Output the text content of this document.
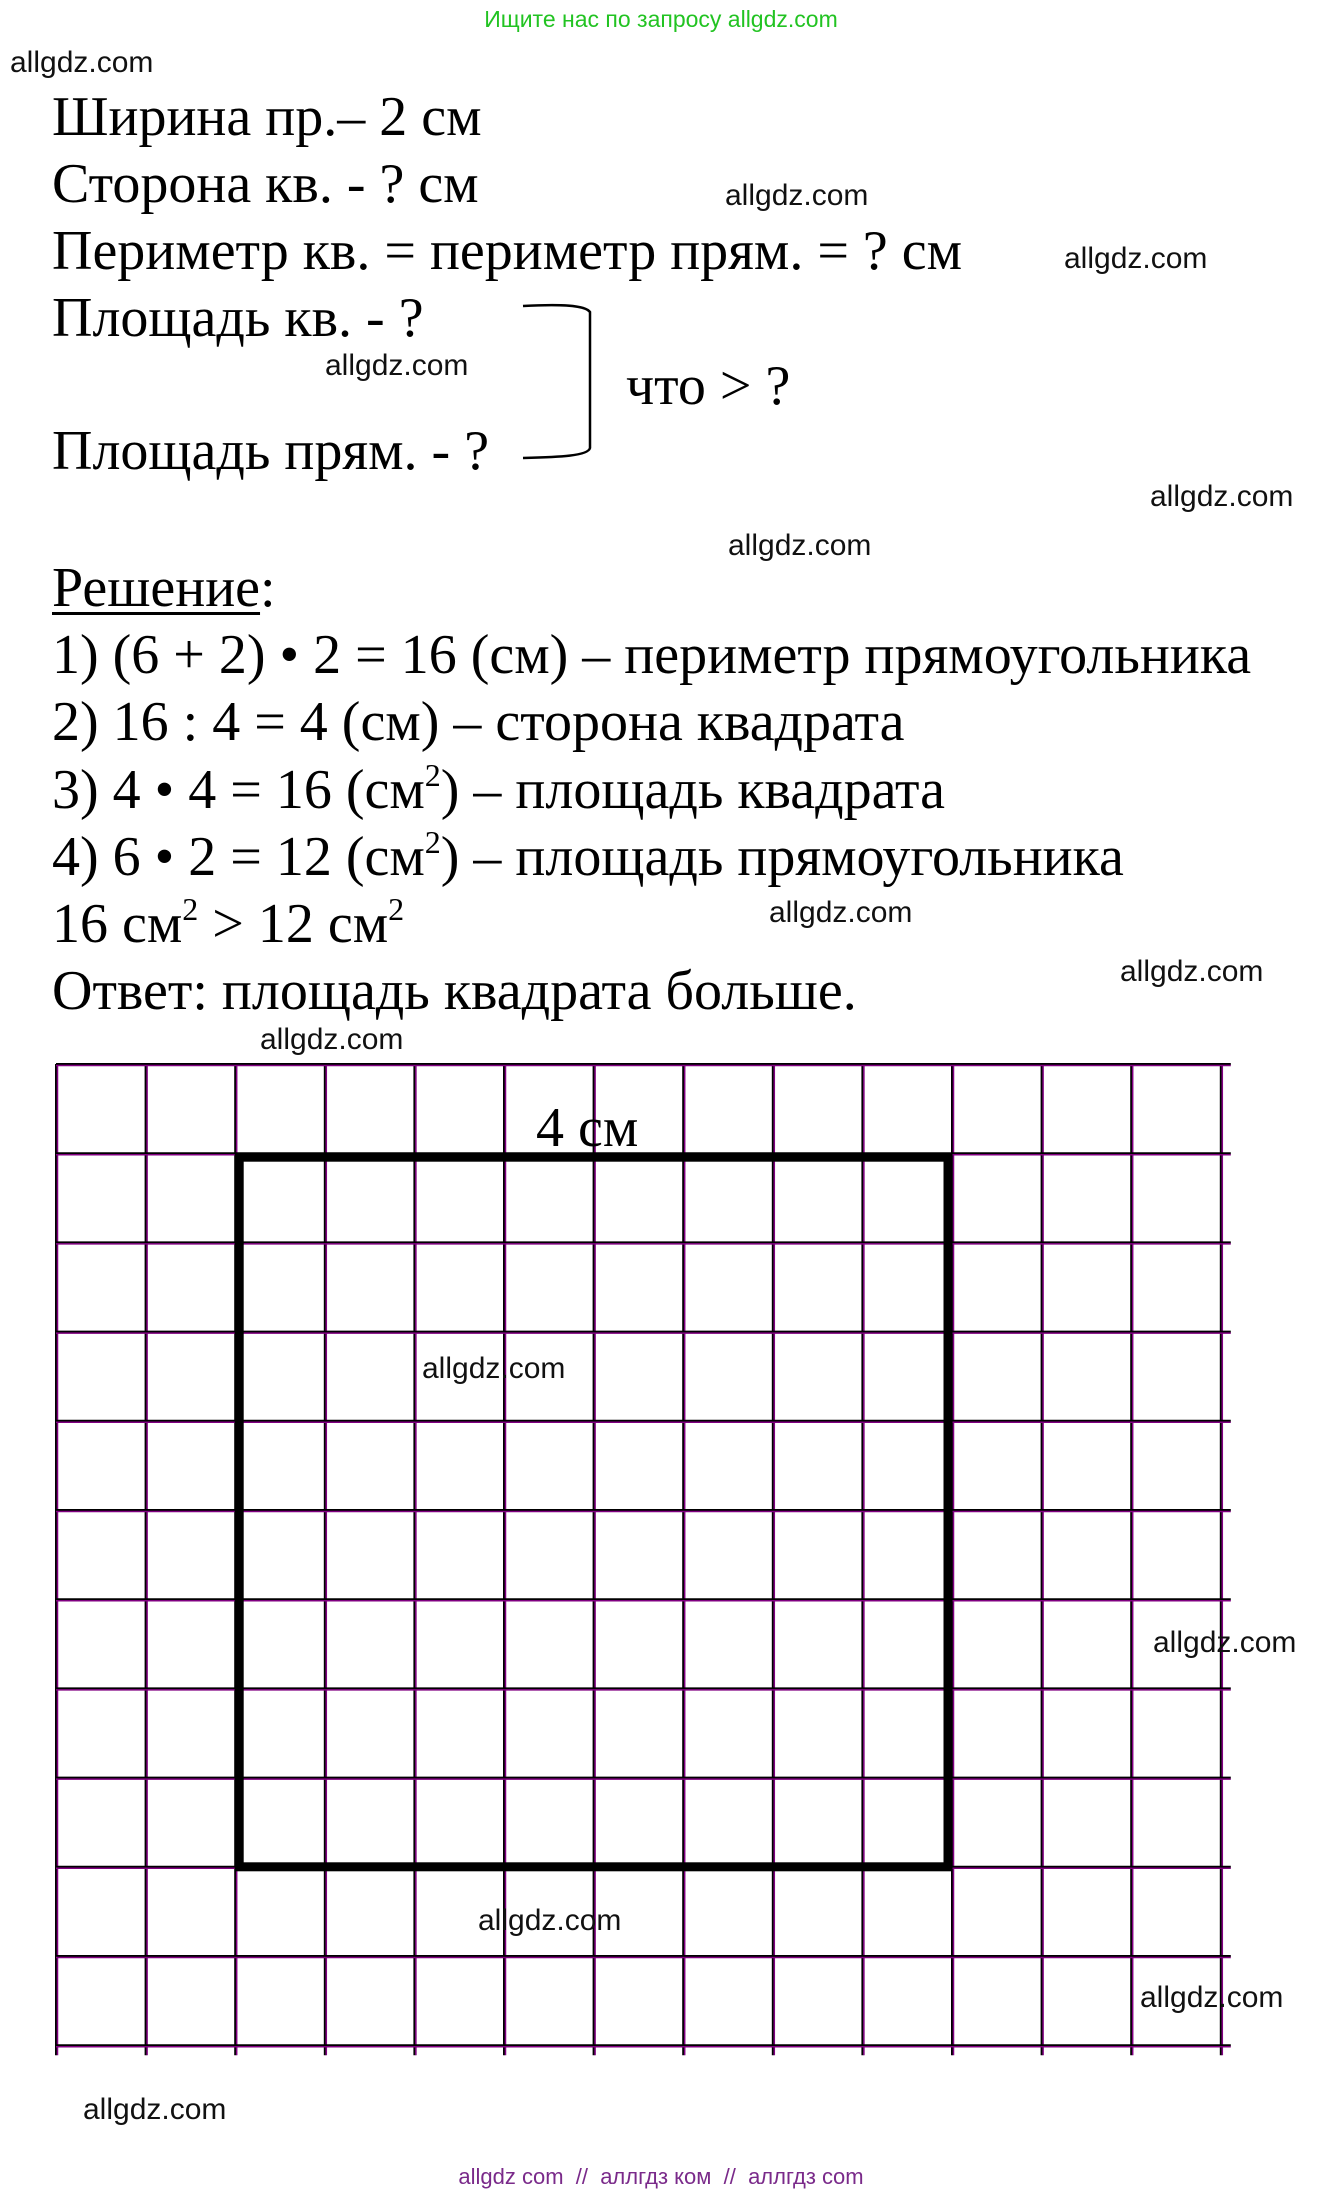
Ищите нас по запросу allgdz.com
allgdz.com
allgdz.com
allgdz.com
allgdz.com
allgdz.com
allgdz.com
allgdz.com
allgdz.com
allgdz.com
Ширина пр.– 2 см
Сторона кв. - ? см
Периметр кв. = периметр прям. = ? см
Площадь кв. - ?
Площадь прям. - ?
что > ?
Решение:
1) (6 + 2) • 2 = 16 (см) – периметр прямоугольника
2) 16 : 4 = 4 (см) – сторона квадрата
3) 4 • 4 = 16 $(см^2)$ – площадь квадрата
4) 6 • 2 = 12 $(см^2)$ – площадь прямоугольника
16 $см^2 > 12$ $см^2$
Ответ: площадь квадрата больше.
4 см
allgdz.com
allgdz.com
allgdz.com
allgdz.com
allgdz.com
allgdz com  //  аллгдз ком  //  аллгдз com
